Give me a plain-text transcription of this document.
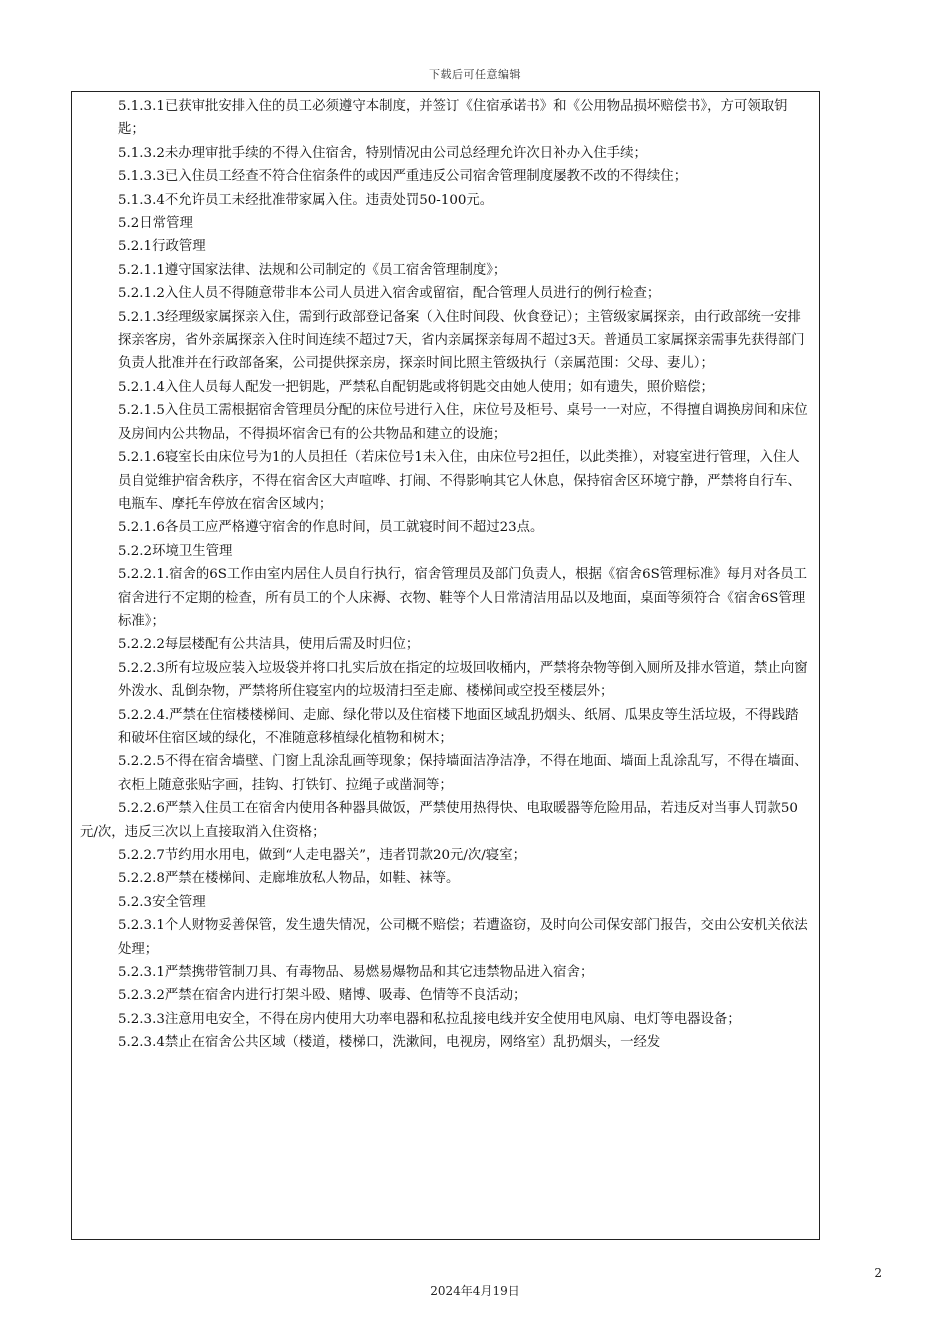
下载后可任意编辑

5.1.3.1已获审批安排入住的员工必须遵守本制度，并签订《住宿承诺书》和《公用物品损坏赔偿书》，方可领取钥匙；

5.1.3.2未办理审批手续的不得入住宿舍，特别情况由公司总经理允许次日补办入住手续；

5.1.3.3已入住员工经查不符合住宿条件的或因严重违反公司宿舍管理制度屡教不改的不得续住；

5.1.3.4不允许员工未经批准带家属入住。违责处罚50-100元。

5.2日常管理

5.2.1行政管理

5.2.1.1遵守国家法律、法规和公司制定的《员工宿舍管理制度》；

5.2.1.2入住人员不得随意带非本公司人员进入宿舍或留宿，配合管理人员进行的例行检查；

5.2.1.3经理级家属探亲入住，需到行政部登记备案（入住时间段、伙食登记）；主管级家属探亲，由行政部统一安排探亲客房，省外亲属探亲入住时间连续不超过7天，省内亲属探亲每周不超过3天。普通员工家属探亲需事先获得部门负责人批准并在行政部备案，公司提供探亲房，探亲时间比照主管级执行（亲属范围：父母、妻儿）；

5.2.1.4入住人员每人配发一把钥匙，严禁私自配钥匙或将钥匙交由她人使用；如有遗失，照价赔偿；

5.2.1.5入住员工需根据宿舍管理员分配的床位号进行入住，床位号及柜号、桌号一一对应，不得擅自调换房间和床位及房间内公共物品，不得损坏宿舍已有的公共物品和建立的设施；

5.2.1.6寝室长由床位号为1的人员担任（若床位号1未入住，由床位号2担任，以此类推），对寝室进行管理，入住人员自觉维护宿舍秩序，不得在宿舍区大声喧哗、打闹、不得影响其它人休息，保持宿舍区环境宁静，严禁将自行车、电瓶车、摩托车停放在宿舍区域内；

5.2.1.6各员工应严格遵守宿舍的作息时间，员工就寝时间不超过23点。

5.2.2环境卫生管理

5.2.2.1.宿舍的6S工作由室内居住人员自行执行，宿舍管理员及部门负责人，根据《宿舍6S管理标准》每月对各员工宿舍进行不定期的检查，所有员工的个人床褥、衣物、鞋等个人日常清洁用品以及地面，桌面等须符合《宿舍6S管理标准》；

5.2.2.2每层楼配有公共洁具，使用后需及时归位；

5.2.2.3所有垃圾应装入垃圾袋并将口扎实后放在指定的垃圾回收桶内，严禁将杂物等倒入厕所及排水管道，禁止向窗外泼水、乱倒杂物，严禁将所住寝室内的垃圾清扫至走廊、楼梯间或空投至楼层外；

5.2.2.4.严禁在住宿楼楼梯间、走廊、绿化带以及住宿楼下地面区域乱扔烟头、纸屑、瓜果皮等生活垃圾，不得践踏和破坏住宿区域的绿化，不准随意移植绿化植物和树木；

5.2.2.5不得在宿舍墙壁、门窗上乱涂乱画等现象；保持墙面洁净洁净，不得在地面、墙面上乱涂乱写，不得在墙面、衣柜上随意张贴字画，挂钩、打铁钉、拉绳子或凿洞等；

5.2.2.6严禁入住员工在宿舍内使用各种器具做饭，严禁使用热得快、电取暖器等危险用品，若违反对当事人罚款50元/次，违反三次以上直接取消入住资格；

5.2.2.7节约用水用电，做到“人走电器关”，违者罚款20元/次/寝室；

5.2.2.8严禁在楼梯间、走廊堆放私人物品，如鞋、袜等。

5.2.3安全管理

5.2.3.1个人财物妥善保管，发生遗失情况，公司概不赔偿；若遭盗窃，及时向公司保安部门报告，交由公安机关依法处理；

5.2.3.1严禁携带管制刀具、有毒物品、易燃易爆物品和其它违禁物品进入宿舍；

5.2.3.2严禁在宿舍内进行打架斗殴、赌博、吸毒、色情等不良活动；

5.2.3.3注意用电安全，不得在房内使用大功率电器和私拉乱接电线并安全使用电风扇、电灯等电器设备；

5.2.3.4禁止在宿舍公共区域（楼道，楼梯口，洗漱间，电视房，网络室）乱扔烟头，一经发

2
2024年4月19日
